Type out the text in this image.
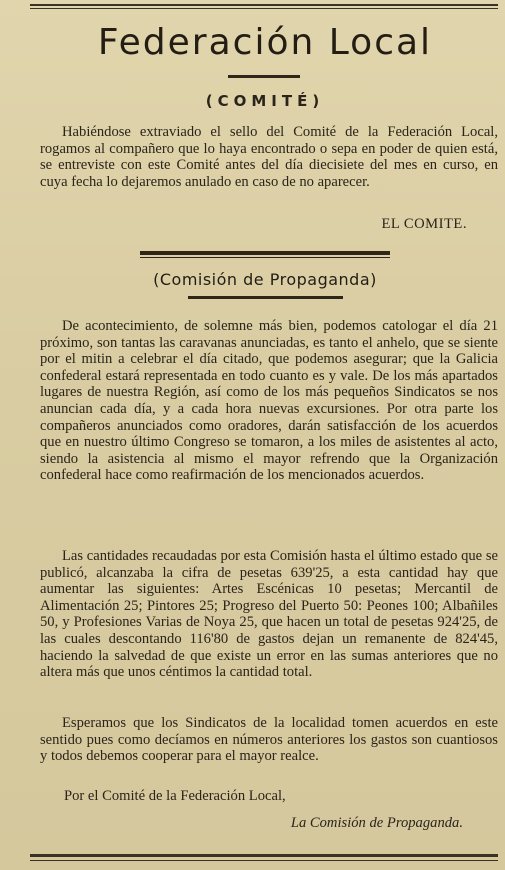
Federación Local
(COMITÉ)

Habiéndose extraviado el sello del Comité de la Federación Local, rogamos al compañero que lo haya encontrado o sepa en poder de quien está, se entreviste con este Comité antes del día diecisiete del mes en curso, en cuya fecha lo dejaremos anulado en caso de no aparecer.

EL COMITE.
(Comisión de Propaganda)

De acontecimiento, de solemne más bien, podemos catologar el día 21 próximo, son tantas las caravanas anunciadas, es tanto el anhelo, que se siente por el mitin a celebrar el día citado, que podemos asegurar; que la Galicia confederal estará representada en todo cuanto es y vale. De los más apartados lugares de nuestra Región, así como de los más pequeños Sindicatos se nos anuncian cada día, y a cada hora nuevas excursiones. Por otra parte los compañeros anunciados como oradores, darán satisfacción de los acuerdos que en nuestro último Congreso se tomaron, a los miles de asistentes al acto, siendo la asistencia al mismo el mayor refrendo que la Organización confederal hace como reafirmación de los mencionados acuerdos.

Las cantidades recaudadas por esta Comisión hasta el último estado que se publicó, alcanzaba la cifra de pesetas 639'25, a esta cantidad hay que aumentar las siguientes: Artes Escénicas 10 pesetas; Mercantil de Alimentación 25; Pintores 25; Progreso del Puerto 50: Peones 100; Albañiles 50, y Profesiones Varias de Noya 25, que hacen un total de pesetas 924'25, de las cuales descontando 116'80 de gastos dejan un remanente de 824'45, haciendo la salvedad de que existe un error en las sumas anteriores que no altera más que unos céntimos la cantidad total.

Esperamos que los Sindicatos de la localidad tomen acuerdos en este sentido pues como decíamos en números anteriores los gastos son cuantiosos y todos debemos cooperar para el mayor realce.

Por el Comité de la Federación Local,
La Comisión de Propaganda.
